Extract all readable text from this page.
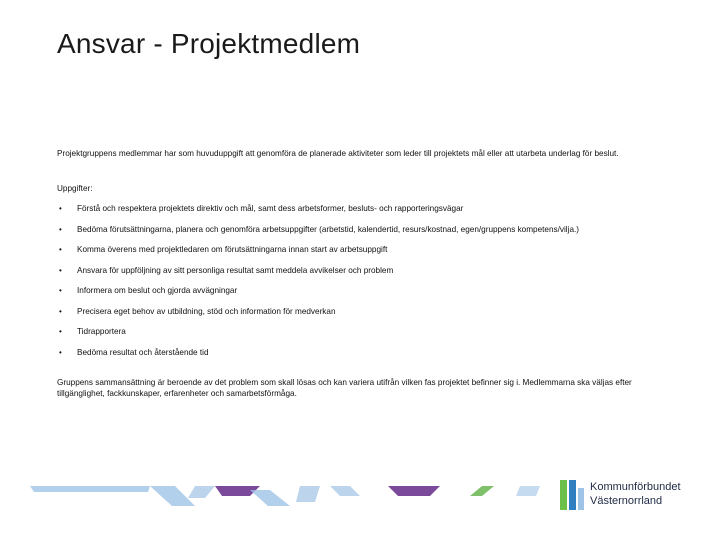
Ansvar - Projektmedlem

Projektgruppens medlemmar har som huvuduppgift att genomföra de planerade aktiviteter som leder till projektets mål eller att utarbeta underlag för beslut.

Uppgifter:

• Förstå och respektera projektets direktiv och mål, samt dess arbetsformer, besluts- och rapporteringsvägar
• Bedöma förutsättningarna, planera och genomföra arbetsuppgifter (arbetstid, kalendertid, resurs/kostnad, egen/gruppens kompetens/vilja.)
• Komma överens med projektledaren om förutsättningarna innan start av arbetsuppgift
• Ansvara för uppföljning av sitt personliga resultat samt meddela avvikelser och problem
• Informera om beslut och gjorda avvägningar
• Precisera eget behov av utbildning, stöd och information för medverkan
• Tidrapportera
• Bedöma resultat och återstående tid

Gruppens sammansättning är beroende av det problem som skall lösas och kan variera utifrån vilken fas projektet befinner sig i. Medlemmarna ska väljas efter tillgänglighet, fackkunskaper, erfarenheter och samarbetsförmåga.

Kommunförbundet
Västernorrland
